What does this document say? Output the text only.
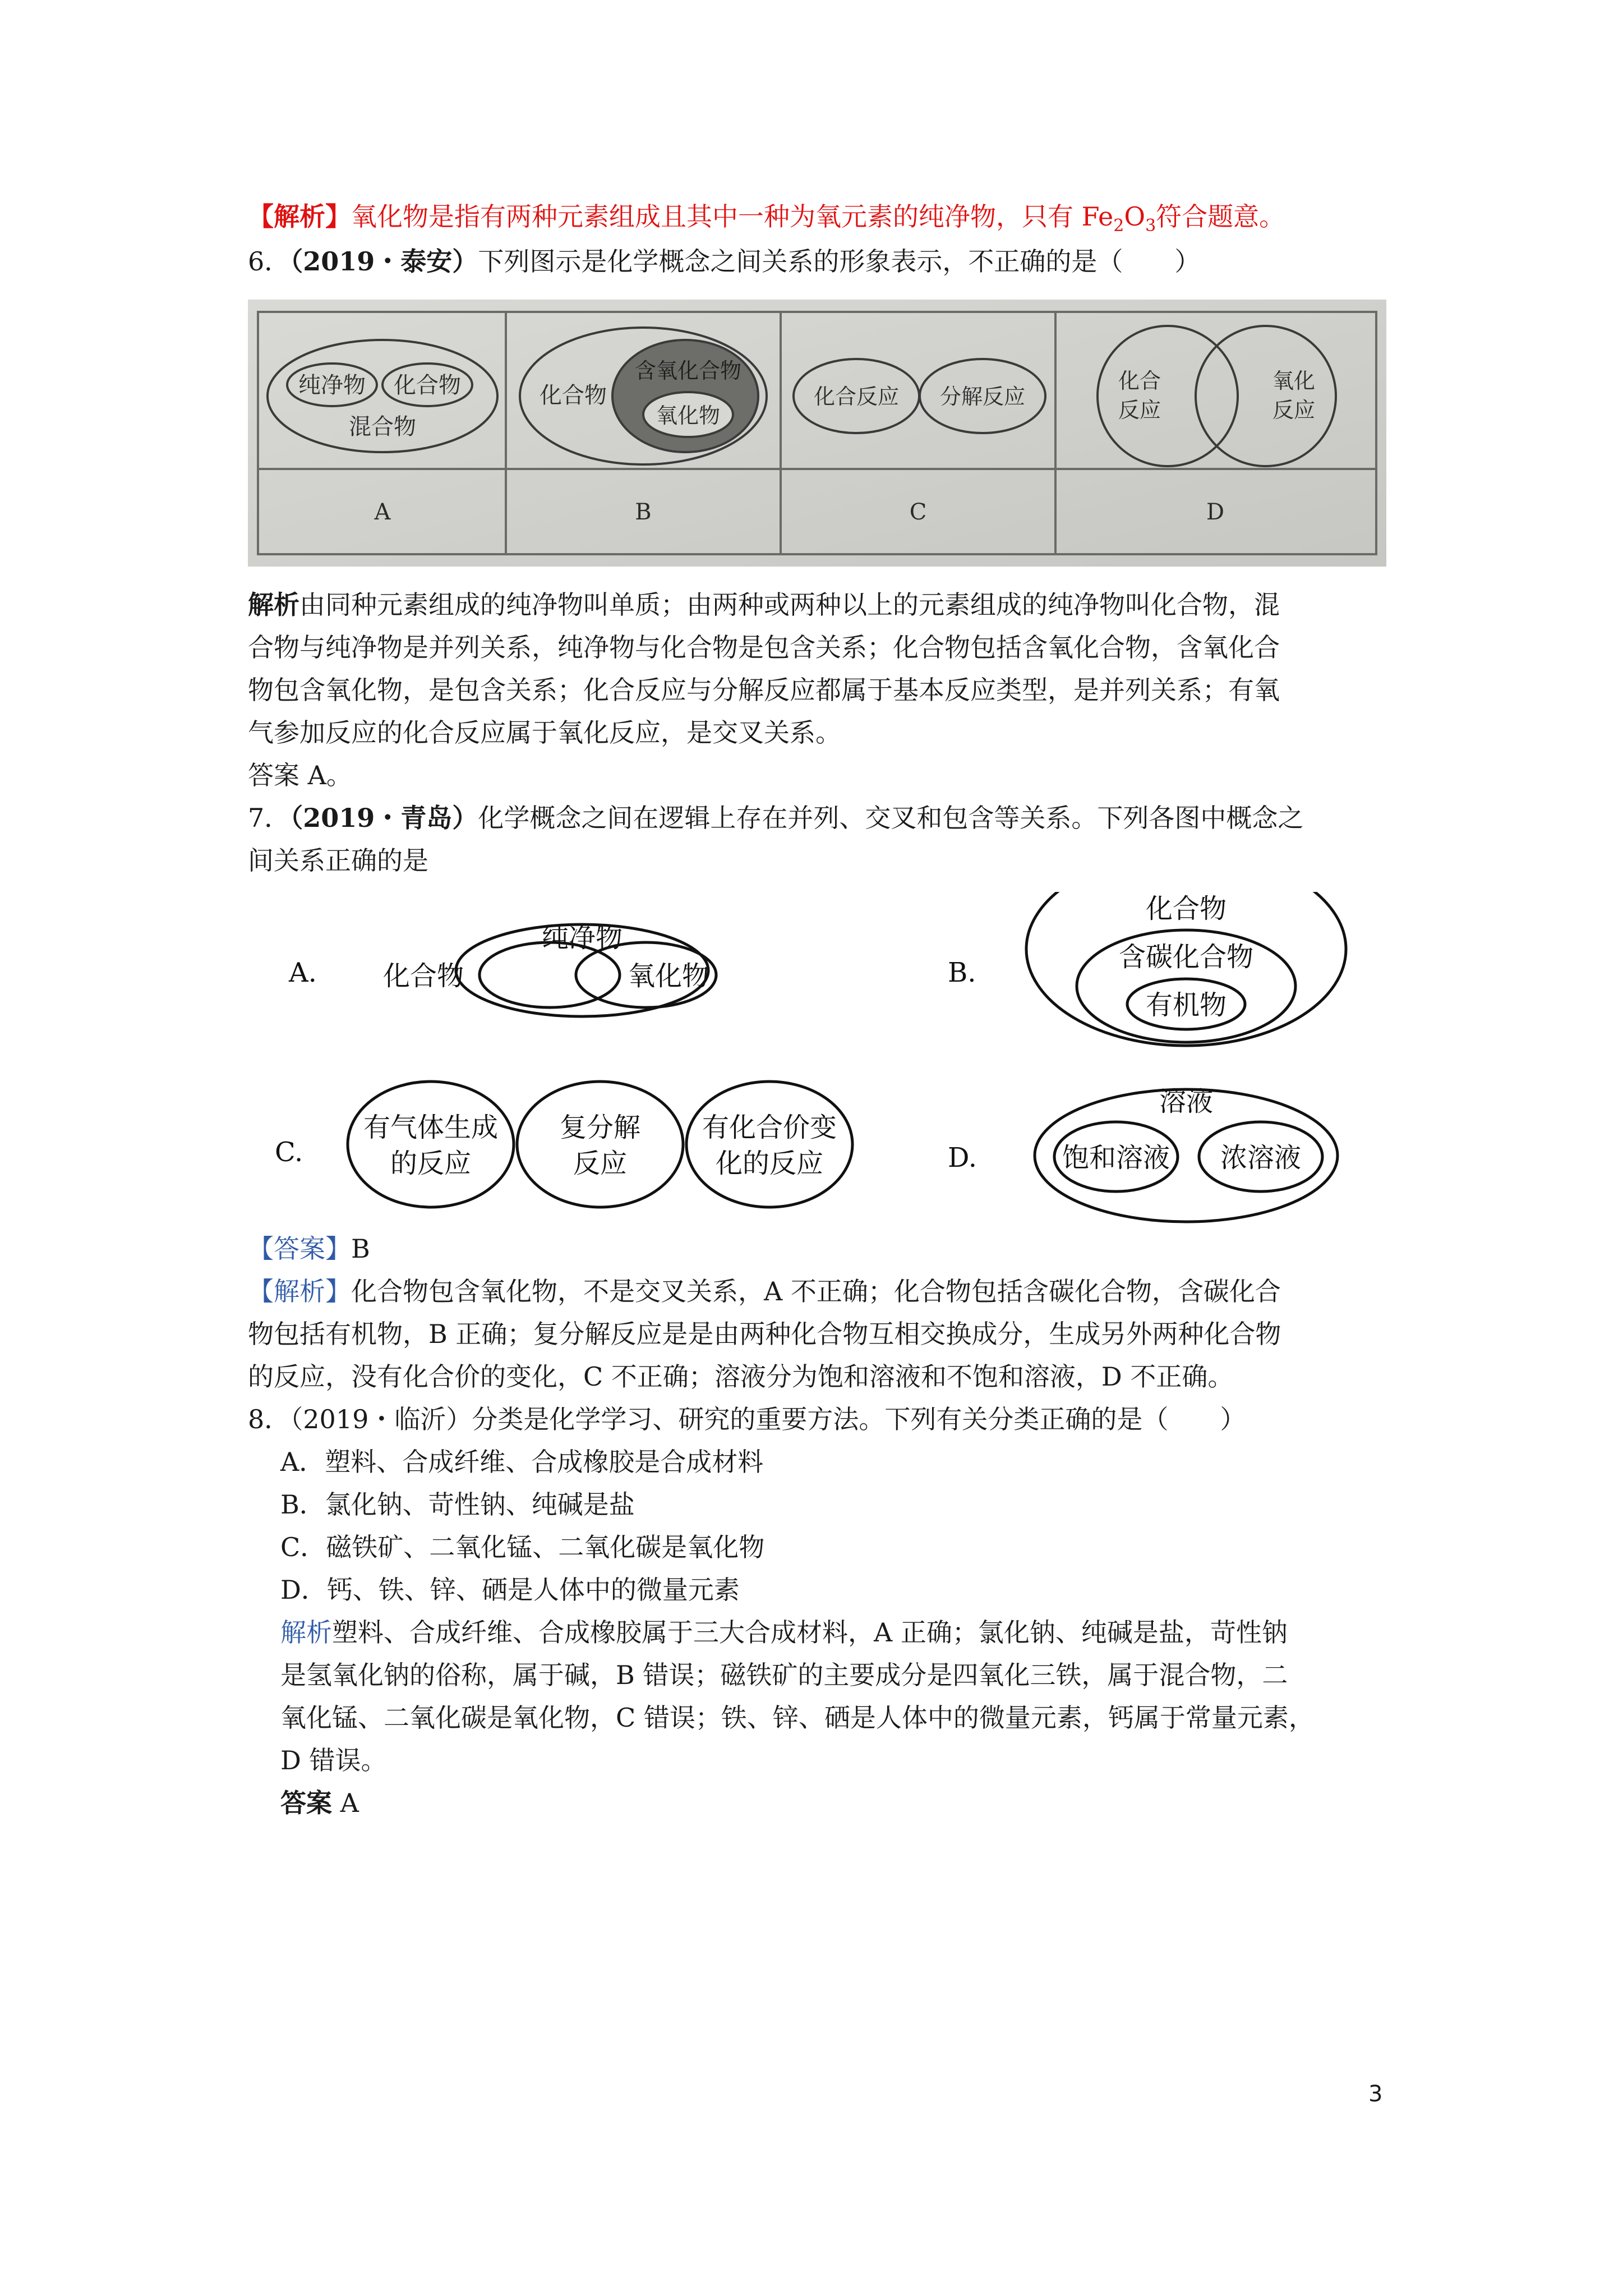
【解析】氧化物是指有两种元素组成且其中一种为氧元素的纯净物，只有 $Fe_2O_3$符合题意。
6．（2019・泰安）下列图示是化学概念之间关系的形象表示，不正确的是（　　）
纯净物 化合物
混合物
A
化合物
含氧化合物
氧化物
B
化合反应 分解反应
C
化合
反应
氧化
反应
D
解析由同种元素组成的纯净物叫单质；由两种或两种以上的元素组成的纯净物叫化合物，混
合物与纯净物是并列关系，纯净物与化合物是包含关系；化合物包括含氧化合物，含氧化合
物包含氧化物，是包含关系；化合反应与分解反应都属于基本反应类型，是并列关系；有氧
气参加反应的化合反应属于氧化反应，是交叉关系。
答案 A。
7．（2019・青岛）化学概念之间在逻辑上存在并列、交叉和包含等关系。下列各图中概念之
间关系正确的是
A.
纯净物
化合物	氧化物	B.
化合物
含碳化合物
有机物
C.
有气体生成
的反应
复分解
反应
有化合价变
化的反应	D.
溶液
饱和溶液 浓溶液
【答案】B
【解析】化合物包含氧化物，不是交叉关系，A 不正确；化合物包括含碳化合物，含碳化合
物包括有机物，B 正确；复分解反应是是由两种化合物互相交换成分，生成另外两种化合物
的反应，没有化合价的变化，C 不正确；溶液分为饱和溶液和不饱和溶液，D 不正确。
8．（2019・临沂）分类是化学学习、研究的重要方法。下列有关分类正确的是（　　）
A．塑料、合成纤维、合成橡胶是合成材料
B．氯化钠、苛性钠、纯碱是盐
C．磁铁矿、二氧化锰、二氧化碳是氧化物
D．钙、铁、锌、硒是人体中的微量元素
解析塑料、合成纤维、合成橡胶属于三大合成材料，A 正确；氯化钠、纯碱是盐，苛性钠
是氢氧化钠的俗称，属于碱，B 错误；磁铁矿的主要成分是四氧化三铁，属于混合物，二
氧化锰、二氧化碳是氧化物，C 错误；铁、锌、硒是人体中的微量元素，钙属于常量元素，
D 错误。
答案 A
3
